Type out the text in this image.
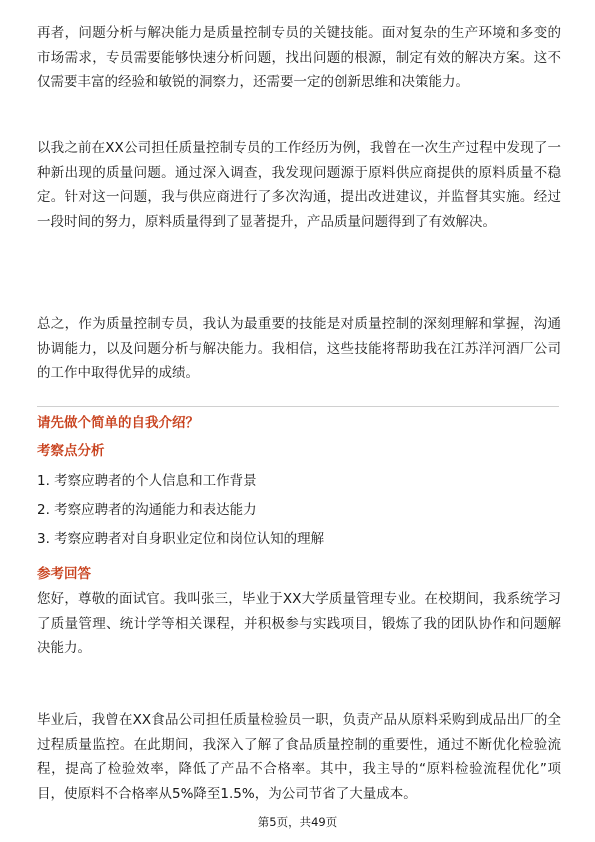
再者，问题分析与解决能力是质量控制专员的关键技能。面对复杂的生产环境和多变的市场需求，专员需要能够快速分析问题，找出问题的根源，制定有效的解决方案。这不仅需要丰富的经验和敏锐的洞察力，还需要一定的创新思维和决策能力。

以我之前在XX公司担任质量控制专员的工作经历为例，我曾在一次生产过程中发现了一种新出现的质量问题。通过深入调查，我发现问题源于原料供应商提供的原料质量不稳定。针对这一问题，我与供应商进行了多次沟通，提出改进建议，并监督其实施。经过一段时间的努力，原料质量得到了显著提升，产品质量问题得到了有效解决。

总之，作为质量控制专员，我认为最重要的技能是对质量控制的深刻理解和掌握，沟通协调能力，以及问题分析与解决能力。我相信，这些技能将帮助我在江苏洋河酒厂公司的工作中取得优异的成绩。

请先做个简单的自我介绍？
考察点分析
1. 考察应聘者的个人信息和工作背景
2. 考察应聘者的沟通能力和表达能力
3. 考察应聘者对自身职业定位和岗位认知的理解
参考回答

您好，尊敬的面试官。我叫张三，毕业于XX大学质量管理专业。在校期间，我系统学习了质量管理、统计学等相关课程，并积极参与实践项目，锻炼了我的团队协作和问题解决能力。

毕业后，我曾在XX食品公司担任质量检验员一职，负责产品从原料采购到成品出厂的全过程质量监控。在此期间，我深入了解了食品质量控制的重要性，通过不断优化检验流程，提高了检验效率，降低了产品不合格率。其中，我主导的“原料检验流程优化”项目，使原料不合格率从5%降至1.5%，为公司节省了大量成本。

第5页，共49页
